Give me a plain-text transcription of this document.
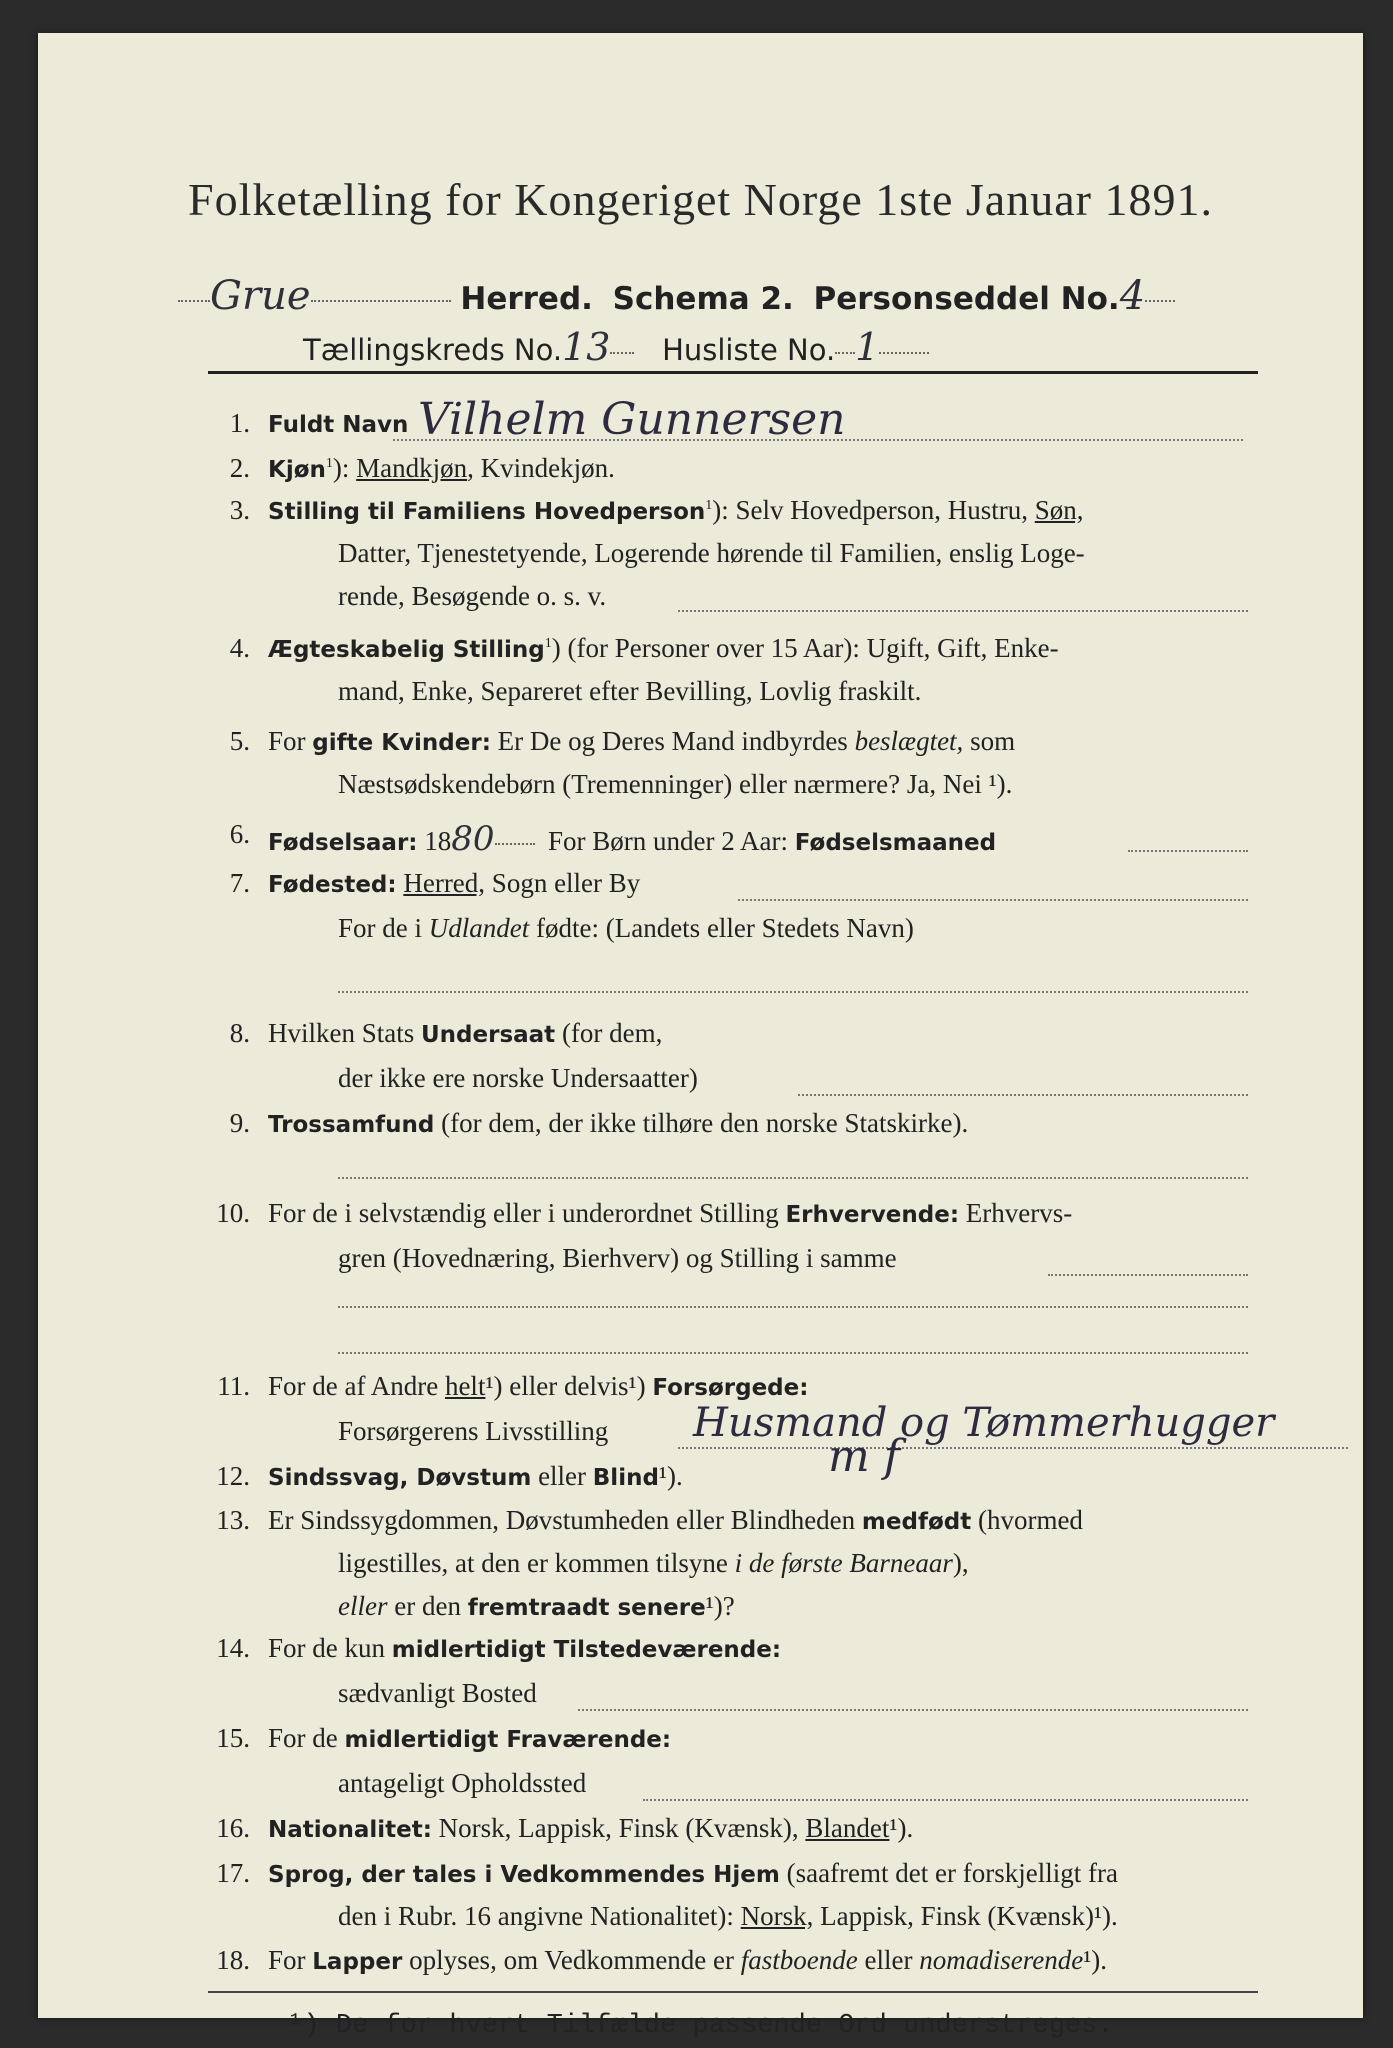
Folketælling for Kongeriget Norge 1ste Januar 1891.
Grue	Herred. Schema 2. Personseddel No.4
Tællingskreds No.13 Husliste No. 1
1. Fuldt Navn Vilhelm Gunnersen
2. Kjøn$^1$): Mandkjøn, Kvindekjøn.
3. Stilling til Familiens Hovedperson$^1$): Selv Hovedperson, Hustru, Søn,
Datter, Tjenestetyende, Logerende hørende til Familien, enslig Loge-
rende, Besøgende o. s. v.
4. Ægteskabelig Stilling$^1$) (for Personer over 15 Aar): Ugift, Gift, Enke-
mand, Enke, Separeret efter Bevilling, Lovlig fraskilt.
5. For gifte Kvinder: Er De og Deres Mand indbyrdes beslægtet, som
Næstsødskendebørn (Tremenninger) eller nærmere? Ja, Nei ¹).
6. Fødselsaar: 1880 For Børn under 2 Aar: Fødselsmaaned
7. Fødested: Herred, Sogn eller By
For de i Udlandet fødte: (Landets eller Stedets Navn)
8. Hvilken Stats Undersaat (for dem,
der ikke ere norske Undersaatter)
9. Trossamfund (for dem, der ikke tilhøre den norske Statskirke).
10. For de i selvstændig eller i underordnet Stilling Erhvervende: Erhvervs-
gren (Hovednæring, Bierhverv) og Stilling i samme
11. For de af Andre helt¹) eller delvis¹) Forsørgede:
Forsørgerens Livsstilling Husmand og Tømmerhugger
12. Sindssvag, Døvstum eller Blind¹).	m f
13. Er Sindssygdommen, Døvstumheden eller Blindheden medfødt (hvormed
ligestilles, at den er kommen tilsyne i de første Barneaar),
eller er den fremtraadt senere¹)?
14. For de kun midlertidigt Tilstedeværende:
sædvanligt Bosted
15. For de midlertidigt Fraværende:
antageligt Opholdssted
16. Nationalitet: Norsk, Lappisk, Finsk (Kvænsk), Blandet¹).
17. Sprog, der tales i Vedkommendes Hjem (saafremt det er forskjelligt fra
den i Rubr. 16 angivne Nationalitet): Norsk, Lappisk, Finsk (Kvænsk)¹).
18. For Lapper oplyses, om Vedkommende er fastboende eller nomadiserende¹).
¹) De for hvert Tilfælde passende Ord understreges.
